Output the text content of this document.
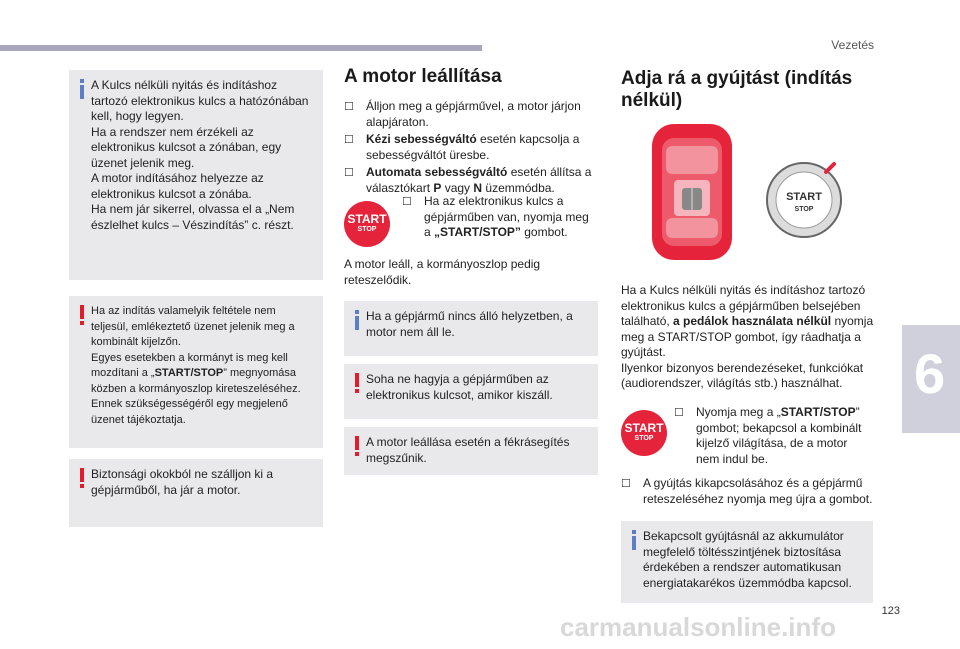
Vezetés
6
123
carmanualsonline.info
A Kulcs nélküli nyitás és indításhoz tartozó elektronikus kulcs a hatózónában kell, hogy legyen.
Ha a rendszer nem érzékeli az elektronikus kulcsot a zónában, egy üzenet jelenik meg.
A motor indításához helyezze az elektronikus kulcsot a zónába.
Ha nem jár sikerrel, olvassa el a „Nem észlelhet kulcs – Vészindítás” c. részt.
Ha az indítás valamelyik feltétele nem teljesül, emlékeztető üzenet jelenik meg a kombinált kijelzőn.
Egyes esetekben a kormányt is meg kell mozdítani a „START/STOP” megnyomása közben a kormányoszlop kireteszeléséhez.
Ennek szükségességéről egy megjelenő üzenet tájékoztatja.
Biztonsági okokból ne szálljon ki a gépjárműből, ha jár a motor.
A motor leállítása
☐ Álljon meg a gépjárművel, a motor járjon alapjáraton.
☐ Kézi sebességváltó esetén kapcsolja a sebességváltót üresbe.
☐ Automata sebességváltó esetén állítsa a választókart P vagy N üzemmódba.
START
STOP
☐ Ha az elektronikus kulcs a gépjárműben van, nyomja meg a „START/STOP” gombot.
A motor leáll, a kormányoszlop pedig reteszelődik.
Ha a gépjármű nincs álló helyzetben, a motor nem áll le.
Soha ne hagyja a gépjárműben az elektronikus kulcsot, amikor kiszáll.
A motor leállása esetén a fékrásegítés megszűnik.
Adja rá a gyújtást (indítás
nélkül)
START
STOP
Ha a Kulcs nélküli nyitás és indításhoz tartozó elektronikus kulcs a gépjárműben belsejében található, a pedálok használata nélkül nyomja meg a START/STOP gombot, így ráadhatja a gyújtást.
Ilyenkor bizonyos berendezéseket, funkciókat (audiorendszer, világítás stb.) használhat.
START
STOP
☐ Nyomja meg a „START/STOP” gombot; bekapcsol a kombinált kijelző világítása, de a motor nem indul be.
☐ A gyújtás kikapcsolásához és a gépjármű reteszeléséhez nyomja meg újra a gombot.
Bekapcsolt gyújtásnál az akkumulátor megfelelő töltésszintjének biztosítása érdekében a rendszer automatikusan energiatakarékos üzemmódba kapcsol.
